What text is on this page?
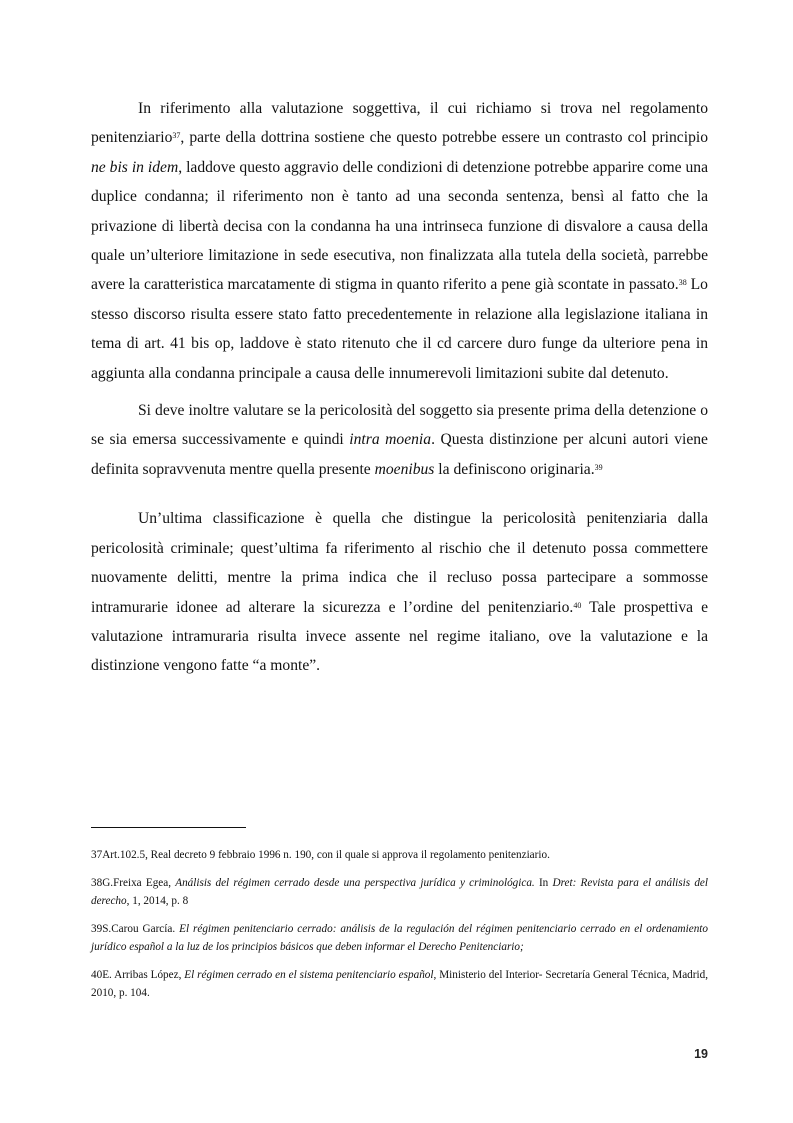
In riferimento alla valutazione soggettiva, il cui richiamo si trova nel regolamento penitenziario$^{37}$, parte della dottrina sostiene che questo potrebbe essere un contrasto col principio ne bis in idem, laddove questo aggravio delle condizioni di detenzione potrebbe apparire come una duplice condanna; il riferimento non è tanto ad una seconda sentenza, bensì al fatto che la privazione di libertà decisa con la condanna ha una intrinseca funzione di disvalore a causa della quale un’ulteriore limitazione in sede esecutiva, non finalizzata alla tutela della società, parrebbe avere la caratteristica marcatamente di stigma in quanto riferito a pene già scontate in passato.$^{38}$ Lo stesso discorso risulta essere stato fatto precedentemente in relazione alla legislazione italiana in tema di art. 41 bis op, laddove è stato ritenuto che il cd carcere duro funge da ulteriore pena in aggiunta alla condanna principale a causa delle innumerevoli limitazioni subite dal detenuto.

Si deve inoltre valutare se la pericolosità del soggetto sia presente prima della detenzione o se sia emersa successivamente e quindi intra moenia. Questa distinzione per alcuni autori viene definita sopravvenuta mentre quella presente moenibus la definiscono originaria.$^{39}$

Un’ultima classificazione è quella che distingue la pericolosità penitenziaria dalla pericolosità criminale; quest’ultima fa riferimento al rischio che il detenuto possa commettere nuovamente delitti, mentre la prima indica che il recluso possa partecipare a sommosse intramurarie idonee ad alterare la sicurezza e l’ordine del penitenziario.$^{40}$ Tale prospettiva e valutazione intramuraria risulta invece assente nel regime italiano, ove la valutazione e la distinzione vengono fatte “a monte”.

37Art.102.5, Real decreto 9 febbraio 1996 n. 190, con il quale si approva il regolamento penitenziario.

38G.Freixa Egea, Análisis del régimen cerrado desde una perspectiva jurídica y criminológica. In Dret: Revista para el análisis del derecho, 1, 2014, p. 8

39S.Carou García. El régimen penitenciario cerrado: análisis de la regulación del régimen penitenciario cerrado en el ordenamiento jurídico español a la luz de los principios básicos que deben informar el Derecho Penitenciario;

40E. Arribas López, El régimen cerrado en el sistema penitenciario español, Ministerio del Interior- Secretaría General Técnica, Madrid, 2010, p. 104.

19
